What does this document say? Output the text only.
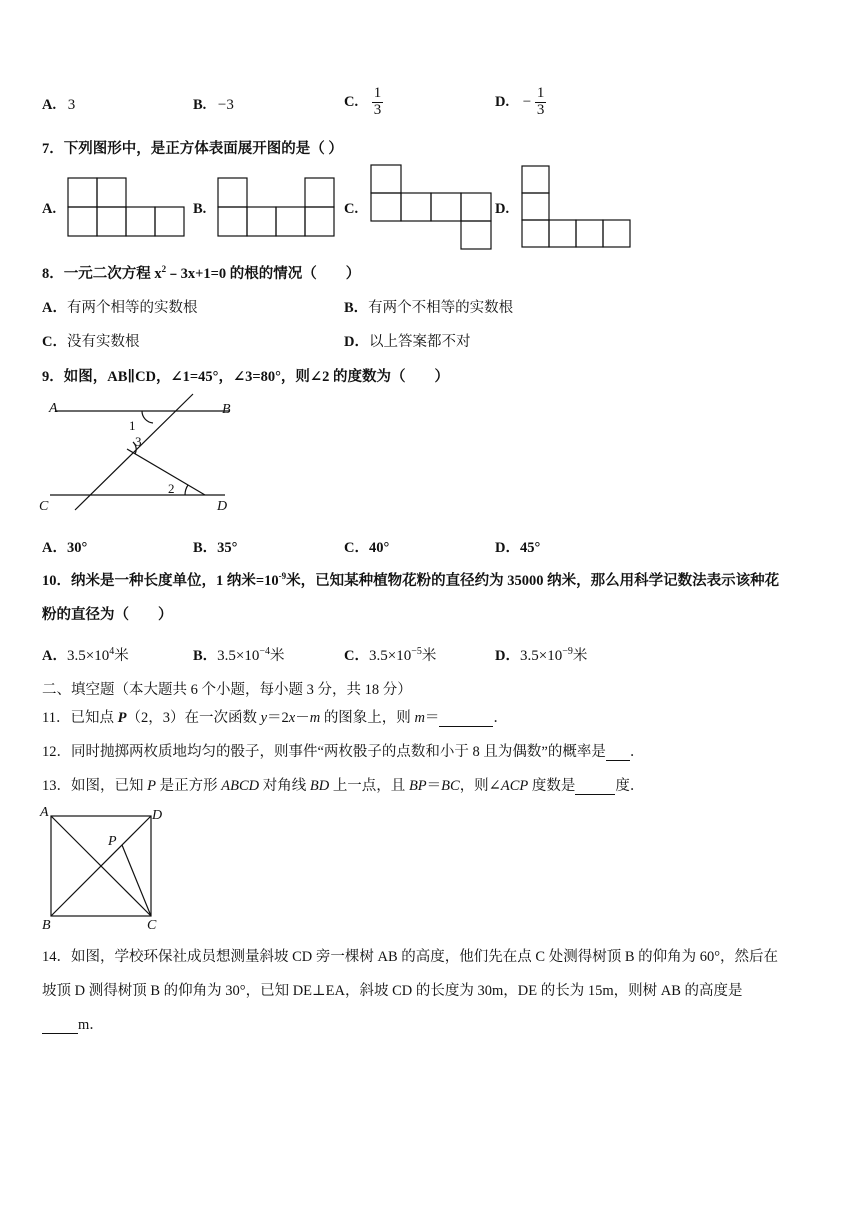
A. 3	B. −3	C. $\frac{1}{3}$	D. − $\frac{1}{3}$
7．下列图形中，是正方体表面展开图的是（ ）
A.	B.	C.	D.
8．一元二次方程 $x^2﹣3x+1=0$ 的根的情况（　　）
A．有两个相等的实数根	B．有两个不相等的实数根
C．没有实数根	D．以上答案都不对
9．如图，AB∥CD，∠1=45°，∠3=80°，则∠2 的度数为（　　）
A	B
C	D
1
3
2
A．30°	B．35°	C．40°	D．45°
10．纳米是一种长度单位，1 纳米$=10^{-9}$米，已知某种植物花粉的直径约为 35000 纳米，那么用科学记数法表示该种花
粉的直径为（　　）
A．$3.5\times 10^4$米	B．$3.5\times 10^{-4}$米	C．$3.5\times 10^{-5}$米	D．$3.5\times 10^{-9}$米
二、填空题（本大题共 6 个小题，每小题 3 分，共 18 分）
11．已知点 P（2，3）在一次函数 y＝2x－m 的图象上，则 m＝	．
12．同时抛掷两枚质地均匀的骰子，则事件“两枚骰子的点数和小于 8 且为偶数”的概率是 ．
13．如图，已知 P 是正方形 ABCD 对角线 BD 上一点，且 BP＝BC，则∠ACP 度数是	度．
A	D
B	C
P
14．如图，学校环保社成员想测量斜坡 CD 旁一棵树 AB 的高度，他们先在点 C 处测得树顶 B 的仰角为 60°，然后在
坡顶 D 测得树顶 B 的仰角为 30°，已知 DE⊥EA，斜坡 CD 的长度为 30m，DE 的长为 15m，则树 AB 的高度是
m．
